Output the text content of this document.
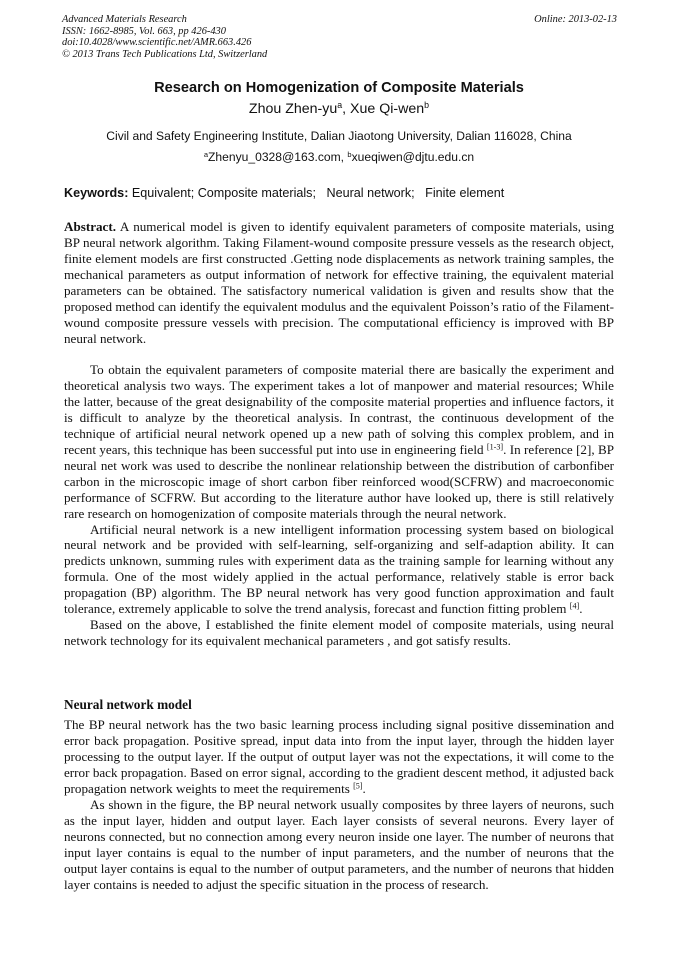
Advanced Materials Research
ISSN: 1662-8985, Vol. 663, pp 426-430
doi:10.4028/www.scientific.net/AMR.663.426
© 2013 Trans Tech Publications Ltd, Switzerland
Online: 2013-02-13
Research on Homogenization of Composite Materials
Zhou Zhen-$yu^a$, Xue Qi-wen$^b$
Civil and Safety Engineering Institute, Dalian Jiaotong University, Dalian 116028, China
$^a$Zhenyu_0328@163.com, $^b$xueqiwen@djtu.edu.cn
Keywords: Equivalent; Composite materials;   Neural network;   Finite element
Abstract. A numerical model is given to identify equivalent parameters of composite materials, using BP neural network algorithm. Taking Filament-wound composite pressure vessels as the research object, finite element models are first constructed .Getting node displacements as network training samples, the mechanical parameters as output information of network for effective training, the equivalent material parameters can be obtained. The satisfactory numerical validation is given and results show that the proposed method can identify the equivalent modulus and the equivalent Poisson’s ratio of the Filament-wound composite pressure vessels with precision. The computational efficiency is improved with BP neural network.

To obtain the equivalent parameters of composite material there are basically the experiment and theoretical analysis two ways. The experiment takes a lot of manpower and material resources; While the latter, because of the great designability of the composite material properties and influence factors, it is difficult to analyze by the theoretical analysis. In contrast, the continuous development of the technique of artificial neural network opened up a new path of solving this complex problem, and in recent years, this technique has been successful put into use in engineering field [1-3]. In reference [2], BP neural net work was used to describe the nonlinear relationship between the distribution of carbonfiber carbon in the microscopic image of short carbon fiber reinforced wood(SCFRW) and macroeconomic performance of SCFRW. But according to the literature author have looked up, there is still relatively rare research on homogenization of composite materials through the neural network.

Artificial neural network is a new intelligent information processing system based on biological neural network and be provided with self-learning, self-organizing and self-adaption ability. It can predicts unknown, summing rules with experiment data as the training sample for learning without any formula. One of the most widely applied in the actual performance, relatively stable is error back propagation (BP) algorithm. The BP neural network has very good function approximation and fault tolerance, extremely applicable to solve the trend analysis, forecast and function fitting problem [4].

Based on the above, I established the finite element model of composite materials, using neural network technology for its equivalent mechanical parameters , and got satisfy results.

Neural network model

The BP neural network has the two basic learning process including signal positive dissemination and error back propagation. Positive spread, input data into from the input layer, through the hidden layer processing to the output layer. If the output of output layer was not the expectations, it will come to the error back propagation. Based on error signal, according to the gradient descent method, it adjusted back propagation network weights to meet the requirements [5].

As shown in the figure, the BP neural network usually composites by three layers of neurons, such as the input layer, hidden and output layer. Each layer consists of several neurons. Every layer of neurons connected, but no connection among every neuron inside one layer. The number of neurons that input layer contains is equal to the number of input parameters, and the number of neurons that the output layer contains is equal to the number of output parameters, and the number of neurons that hidden layer contains is needed to adjust the specific situation in the process of research.
